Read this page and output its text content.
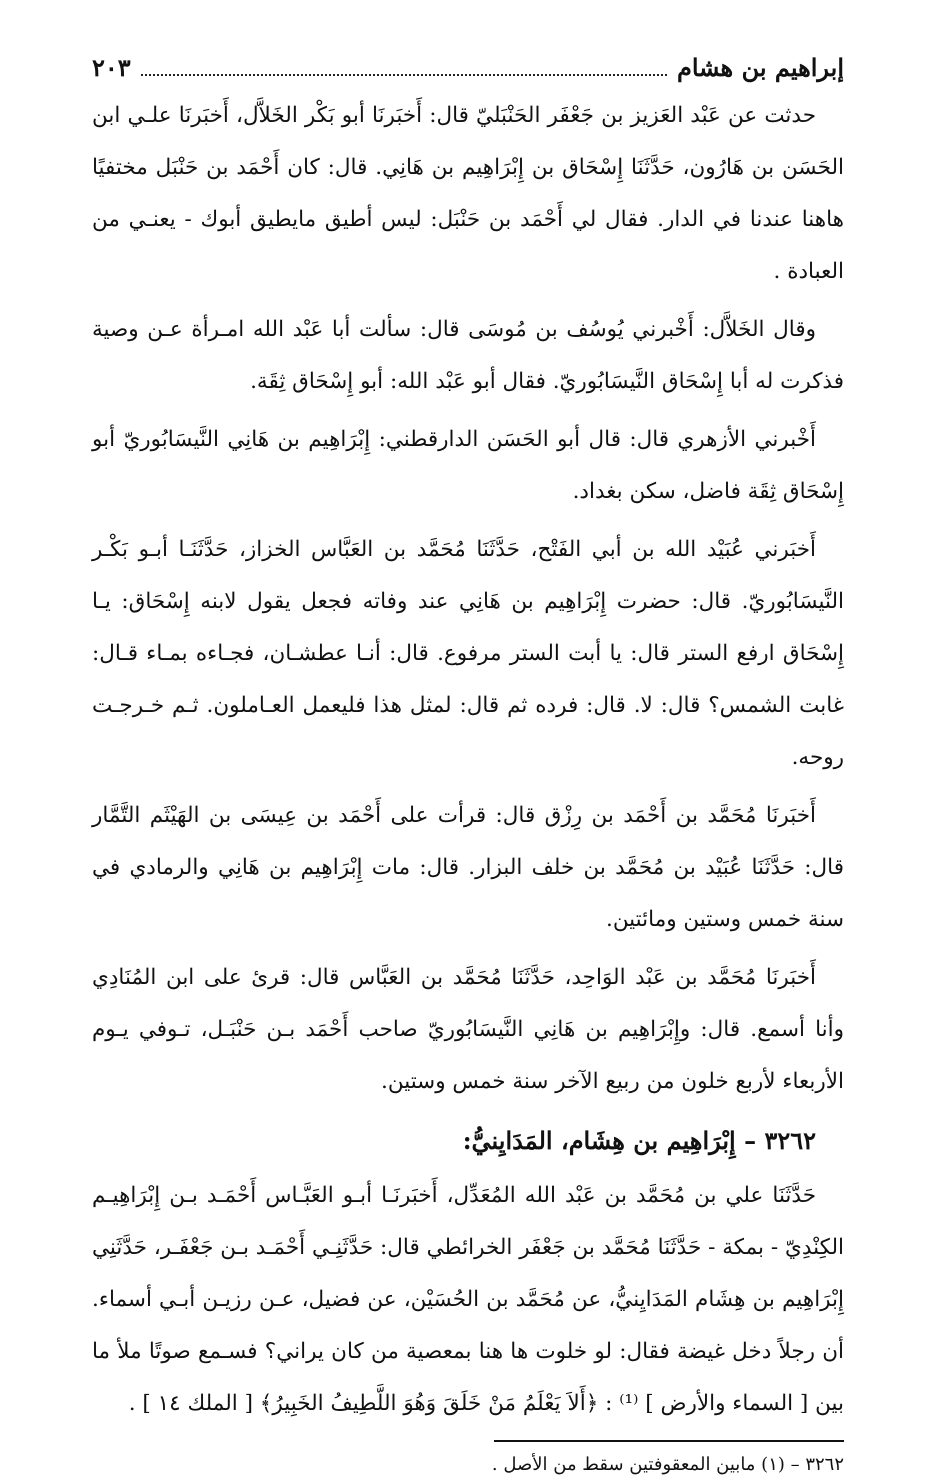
إبراهيم بن هشام
٢٠٣

حدثت عن عَبْد العَزيز بن جَعْفَر الحَنْبَليّ قال: أَخبَرنَا أبو بَكْر الخَلاَّل، أَخبَرنَا علـي ابن الحَسَن بن هَارُون، حَدَّثَنَا إِسْحَاق بن إِبْرَاهِيم بن هَانِي. قال: كان أَحْمَد بن حَنْبَل مختفيًا هاهنا عندنا في الدار. فقال لي أَحْمَد بن حَنْبَل: ليس أطيق مايطيق أبوك - يعنـي من العبادة .

وقال الخَلاَّل: أَخْبرني يُوسُف بن مُوسَى قال: سألت أبا عَبْد الله امـرأة عـن وصية فذكرت له أبا إِسْحَاق النَّيسَابُوريّ. فقال أبو عَبْد الله: أبو إِسْحَاق ثِقَة.

أَخْبرني الأزهري قال: قال أبو الحَسَن الدارقطني: إِبْرَاهِيم بن هَانِي النَّيسَابُوريّ أبو إِسْحَاق ثِقَة فاضل، سكن بغداد.

أَخبَرني عُبَيْد الله بن أبي الفَتْح، حَدَّثَنَا مُحَمَّد بن العَبَّاس الخزاز، حَدَّثَنَـا أبـو بَكْـر النَّيسَابُوريّ. قال: حضرت إِبْرَاهِيم بن هَانِي عند وفاته فجعل يقول لابنه إِسْحَاق: يـا إِسْحَاق ارفع الستر قال: يا أبت الستر مرفوع. قال: أنـا عطشـان، فجـاءه بمـاء قـال: غابت الشمس؟ قال: لا. قال: فرده ثم قال: لمثل هذا فليعمل العـاملون. ثـم خـرجـت روحه.

أَخبَرنَا مُحَمَّد بن أَحْمَد بن رِزْق قال: قرأت على أَحْمَد بن عِيسَى بن الهَيْثَم التَّمَّار قال: حَدَّثَنَا عُبَيْد بن مُحَمَّد بن خلف البزار. قال: مات إِبْرَاهِيم بن هَانِي والرمادي في سنة خمس وستين ومائتين.

أَخبَرنَا مُحَمَّد بن عَبْد الوَاحِد، حَدَّثَنَا مُحَمَّد بن العَبَّاس قال: قرئ على ابن المُنَادِي وأنا أسمع. قال: وإِبْرَاهِيم بن هَانِي النَّيسَابُوريّ صاحب أَحْمَد بـن حَنْبَـل، تـوفي يـوم الأربعاء لأربع خلون من ربيع الآخر سنة خمس وستين.

٣٢٦٢ – إِبْرَاهِيم بن هِشَام، المَدَايِنيُّ:

حَدَّثَنَا علي بن مُحَمَّد بن عَبْد الله المُعَدِّل، أَخبَرنَـا أبـو العَبَّـاس أَحْمَـد بـن إِبْرَاهِيـم الكِنْدِيّ - بمكة - حَدَّثَنَا مُحَمَّد بن جَعْفَر الخرائطي قال: حَدَّثَنِـي أَحْمَـد بـن جَعْفَـر، حَدَّثَنِي إِبْرَاهِيم بن هِشَام المَدَايِنيُّ، عن مُحَمَّد بن الحُسَيْن، عن فضيل، عـن رزيـن أبـي أسماء. أن رجلاً دخل غيضة فقال: لو خلوت ها هنا بمعصية من كان يراني؟ فسـمع صوتًا ملأ ما بين [ السماء والأرض ] ⁽¹⁾ : ﴿أَلاَ يَعْلَمُ مَنْ خَلَقَ وَهُوَ اللَّطِيفُ الخَبِيرُ﴾ [ الملك ١٤ ] .

٣٢٦٢ – (١) مابين المعقوفتين سقط من الأصل .
